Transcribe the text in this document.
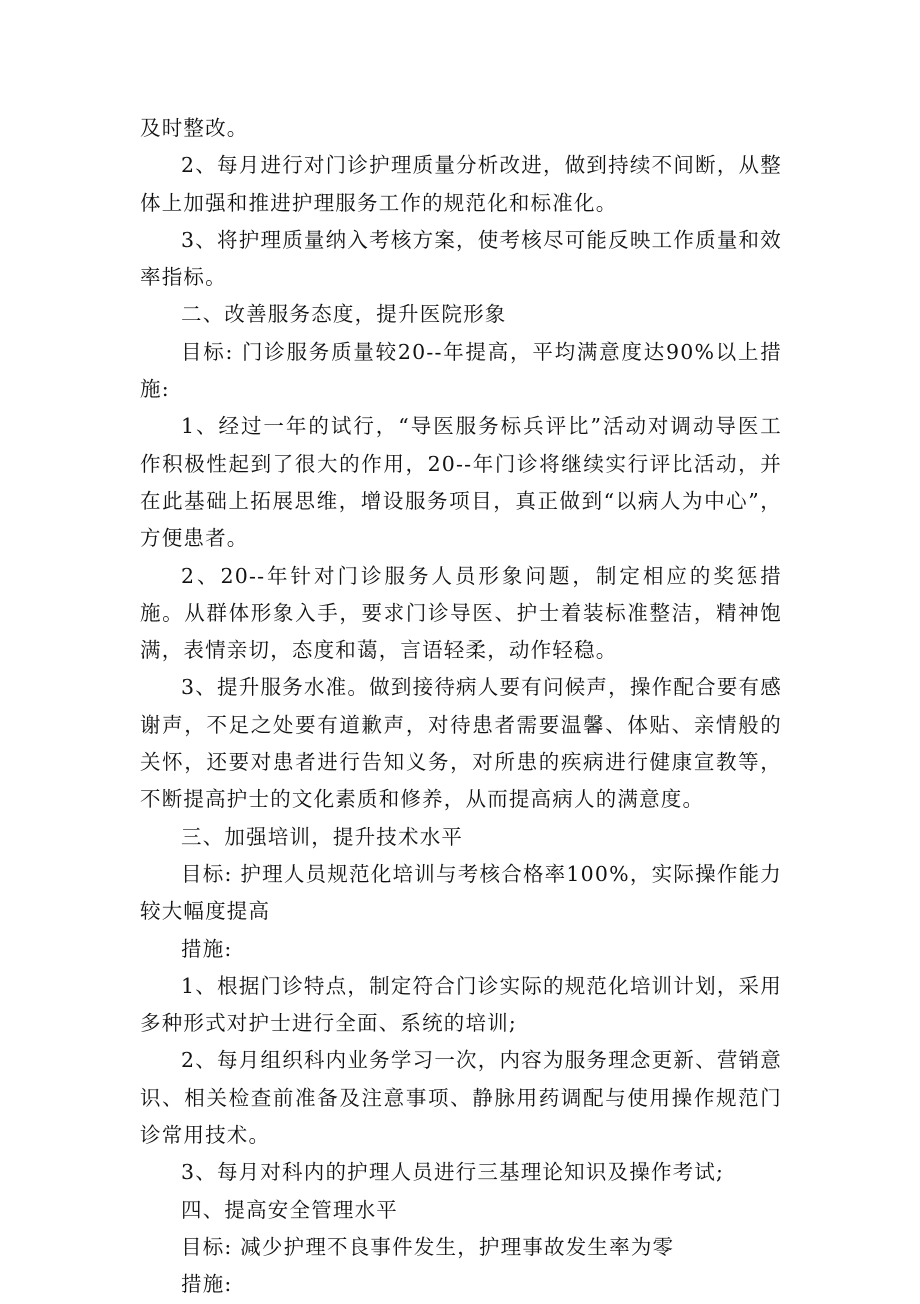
及时整改。

2、每月进行对门诊护理质量分析改进，做到持续不间断，从整体上加强和推进护理服务工作的规范化和标准化。

3、将护理质量纳入考核方案，使考核尽可能反映工作质量和效率指标。

二、改善服务态度，提升医院形象

目标: 门诊服务质量较20--年提高，平均满意度达90%以上措施:

1、经过一年的试行，“导医服务标兵评比”活动对调动导医工作积极性起到了很大的作用，20--年门诊将继续实行评比活动，并在此基础上拓展思维，增设服务项目，真正做到“以病人为中心”，方便患者。

2、20--年针对门诊服务人员形象问题，制定相应的奖惩措施。从群体形象入手，要求门诊导医、护士着装标准整洁，精神饱满，表情亲切，态度和蔼，言语轻柔，动作轻稳。

3、提升服务水准。做到接待病人要有问候声，操作配合要有感谢声，不足之处要有道歉声，对待患者需要温馨、体贴、亲情般的关怀，还要对患者进行告知义务，对所患的疾病进行健康宣教等，不断提高护士的文化素质和修养，从而提高病人的满意度。

三、加强培训，提升技术水平

目标: 护理人员规范化培训与考核合格率100%，实际操作能力较大幅度提高

措施:

1、根据门诊特点，制定符合门诊实际的规范化培训计划，采用多种形式对护士进行全面、系统的培训;

2、每月组织科内业务学习一次，内容为服务理念更新、营销意识、相关检查前准备及注意事项、静脉用药调配与使用操作规范门诊常用技术。

3、每月对科内的护理人员进行三基理论知识及操作考试;

四、提高安全管理水平

目标: 减少护理不良事件发生，护理事故发生率为零

措施:
